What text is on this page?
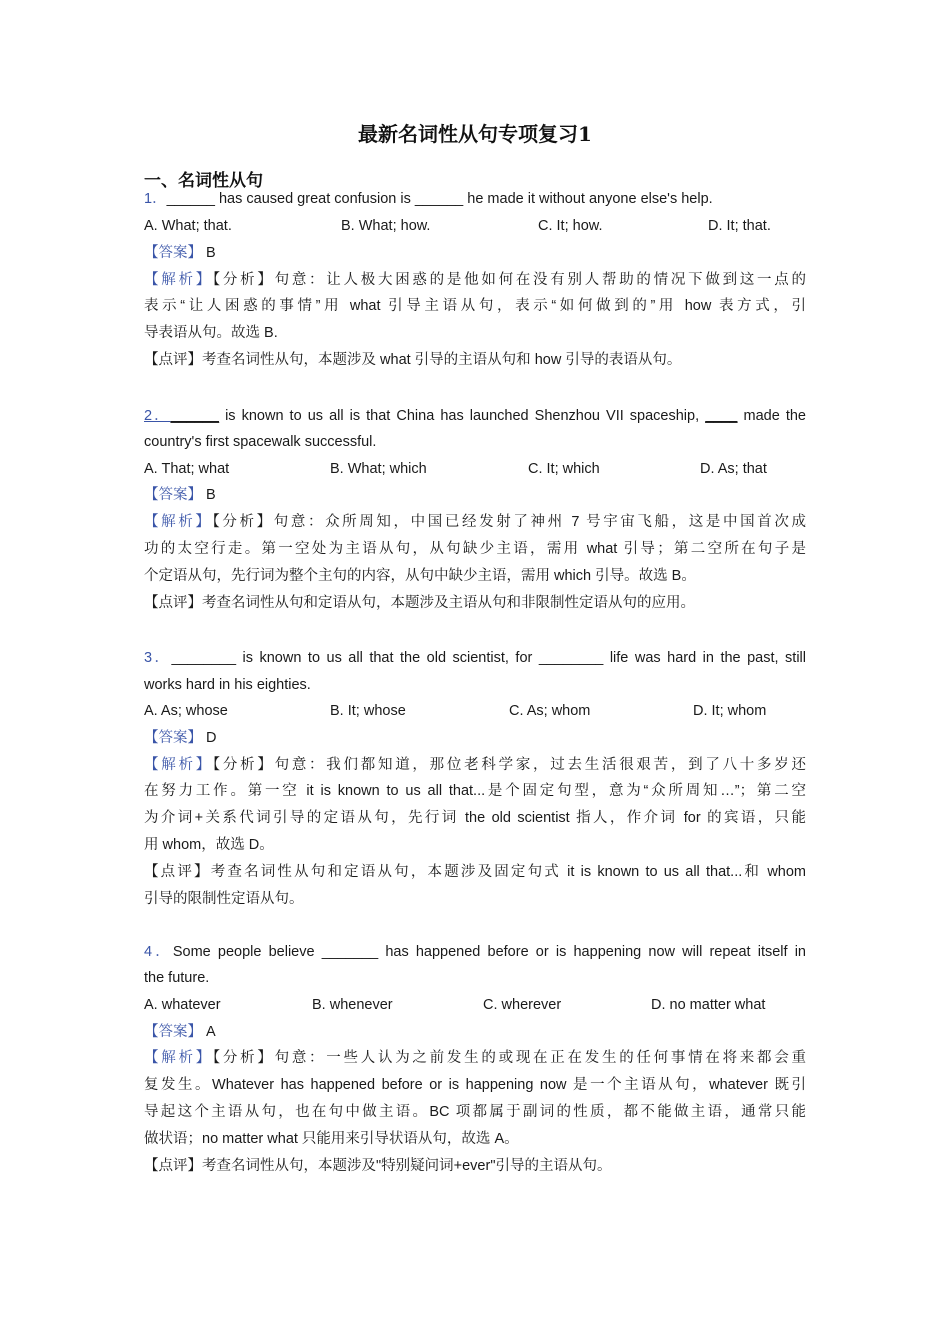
最新名词性从句专项复习1
一、名词性从句
1．______ has caused great confusion is ______ he made it without anyone else's help.
A. What; that.	B. What; how.	C. It; how.	D. It; that.
【答案】 B
【解析】【分析】句意：让人极大困惑的是他如何在没有别人帮助的情况下做到这一点的
表示“让人困惑的事情”用 what 引导主语从句，表示“如何做到的”用 how 表方式，引
导表语从句。故选 B.
【点评】考查名词性从句，本题涉及 what 引导的主语从句和 how 引导的表语从句。
2．______ is known to us all is that China has launched Shenzhou VII spaceship, ____ made the
country's first spacewalk successful.
A. That; what	B. What; which	C. It; which	D. As; that
【答案】 B
【解析】【分析】句意：众所周知，中国已经发射了神州 7 号宇宙飞船，这是中国首次成
功的太空行走。第一空处为主语从句，从句缺少主语，需用 what 引导；第二空所在句子是
个定语从句，先行词为整个主句的内容，从句中缺少主语，需用 which 引导。故选 B。
【点评】考查名词性从句和定语从句，本题涉及主语从句和非限制性定语从句的应用。
3．________ is known to us all that the old scientist, for ________ life was hard in the past, still
works hard in his eighties.
A. As; whose	B. It; whose	C. As; whom	D. It; whom
【答案】 D
【解析】【分析】句意：我们都知道，那位老科学家，过去生活很艰苦，到了八十多岁还
在努力工作。第一空 it is known to us all that...是个固定句型，意为“众所周知…”；第二空
为介词+关系代词引导的定语从句，先行词 the old scientist 指人，作介词 for 的宾语，只能
用 whom，故选 D。
【点评】考查名词性从句和定语从句，本题涉及固定句式 it is known to us all that...和 whom
引导的限制性定语从句。
4．Some people believe _______ has happened before or is happening now will repeat itself in
the future.
A. whatever	B. whenever	C. wherever	D. no matter what
【答案】 A
【解析】【分析】句意：一些人认为之前发生的或现在正在发生的任何事情在将来都会重
复发生。Whatever has happened before or is happening now 是一个主语从句，whatever 既引
导起这个主语从句，也在句中做主语。BC 项都属于副词的性质，都不能做主语，通常只能
做状语；no matter what 只能用来引导状语从句，故选 A。
【点评】考查名词性从句，本题涉及"特别疑问词+ever"引导的主语从句。
